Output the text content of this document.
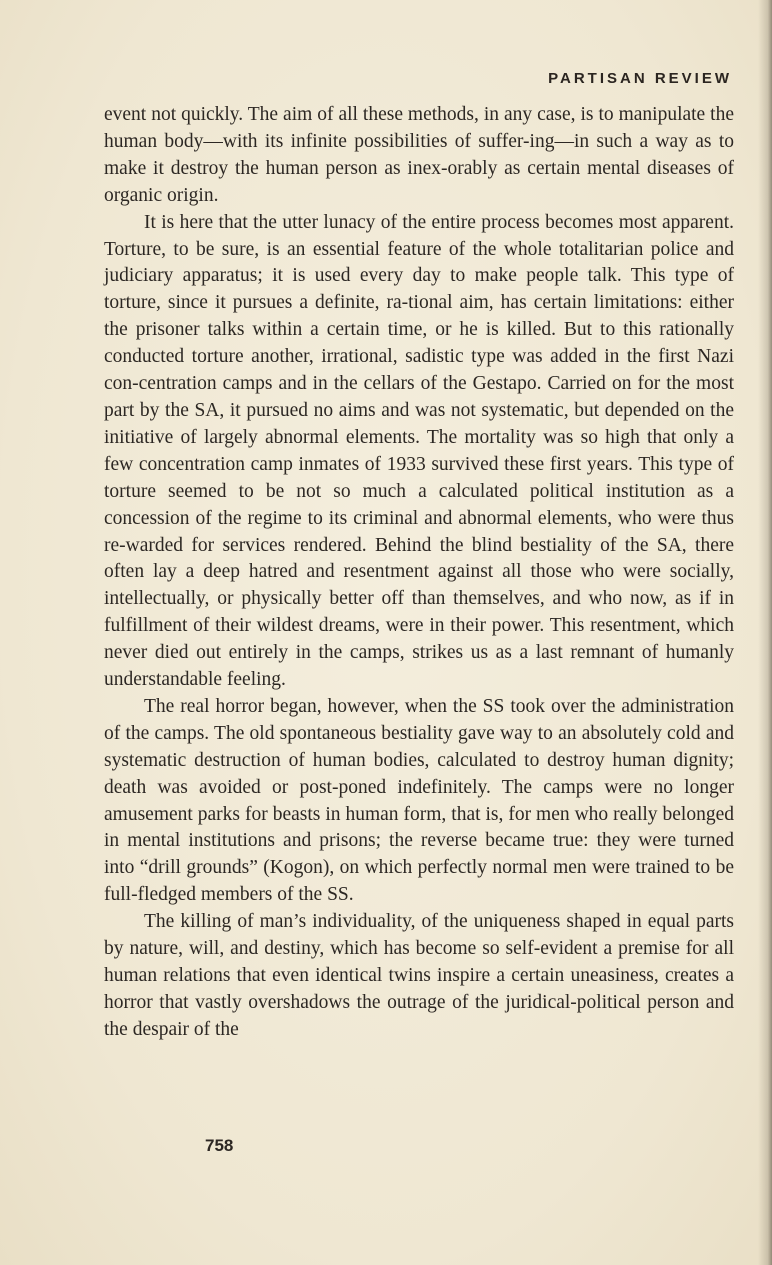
PARTISAN REVIEW

event not quickly. The aim of all these methods, in any case, is to manipulate the human body—with its infinite possibilities of suffer-ing—in such a way as to make it destroy the human person as inex-orably as certain mental diseases of organic origin.

It is here that the utter lunacy of the entire process becomes most apparent. Torture, to be sure, is an essential feature of the whole totalitarian police and judiciary apparatus; it is used every day to make people talk. This type of torture, since it pursues a definite, ra-tional aim, has certain limitations: either the prisoner talks within a certain time, or he is killed. But to this rationally conducted torture another, irrational, sadistic type was added in the first Nazi con-centration camps and in the cellars of the Gestapo. Carried on for the most part by the SA, it pursued no aims and was not systematic, but depended on the initiative of largely abnormal elements. The mortality was so high that only a few concentration camp inmates of 1933 survived these first years. This type of torture seemed to be not so much a calculated political institution as a concession of the regime to its criminal and abnormal elements, who were thus re-warded for services rendered. Behind the blind bestiality of the SA, there often lay a deep hatred and resentment against all those who were socially, intellectually, or physically better off than themselves, and who now, as if in fulfillment of their wildest dreams, were in their power. This resentment, which never died out entirely in the camps, strikes us as a last remnant of humanly understandable feeling.

The real horror began, however, when the SS took over the administration of the camps. The old spontaneous bestiality gave way to an absolutely cold and systematic destruction of human bodies, calculated to destroy human dignity; death was avoided or post-poned indefinitely. The camps were no longer amusement parks for beasts in human form, that is, for men who really belonged in mental institutions and prisons; the reverse became true: they were turned into “drill grounds” (Kogon), on which perfectly normal men were trained to be full-fledged members of the SS.

The killing of man’s individuality, of the uniqueness shaped in equal parts by nature, will, and destiny, which has become so self-evident a premise for all human relations that even identical twins inspire a certain uneasiness, creates a horror that vastly overshadows the outrage of the juridical-political person and the despair of the

758
